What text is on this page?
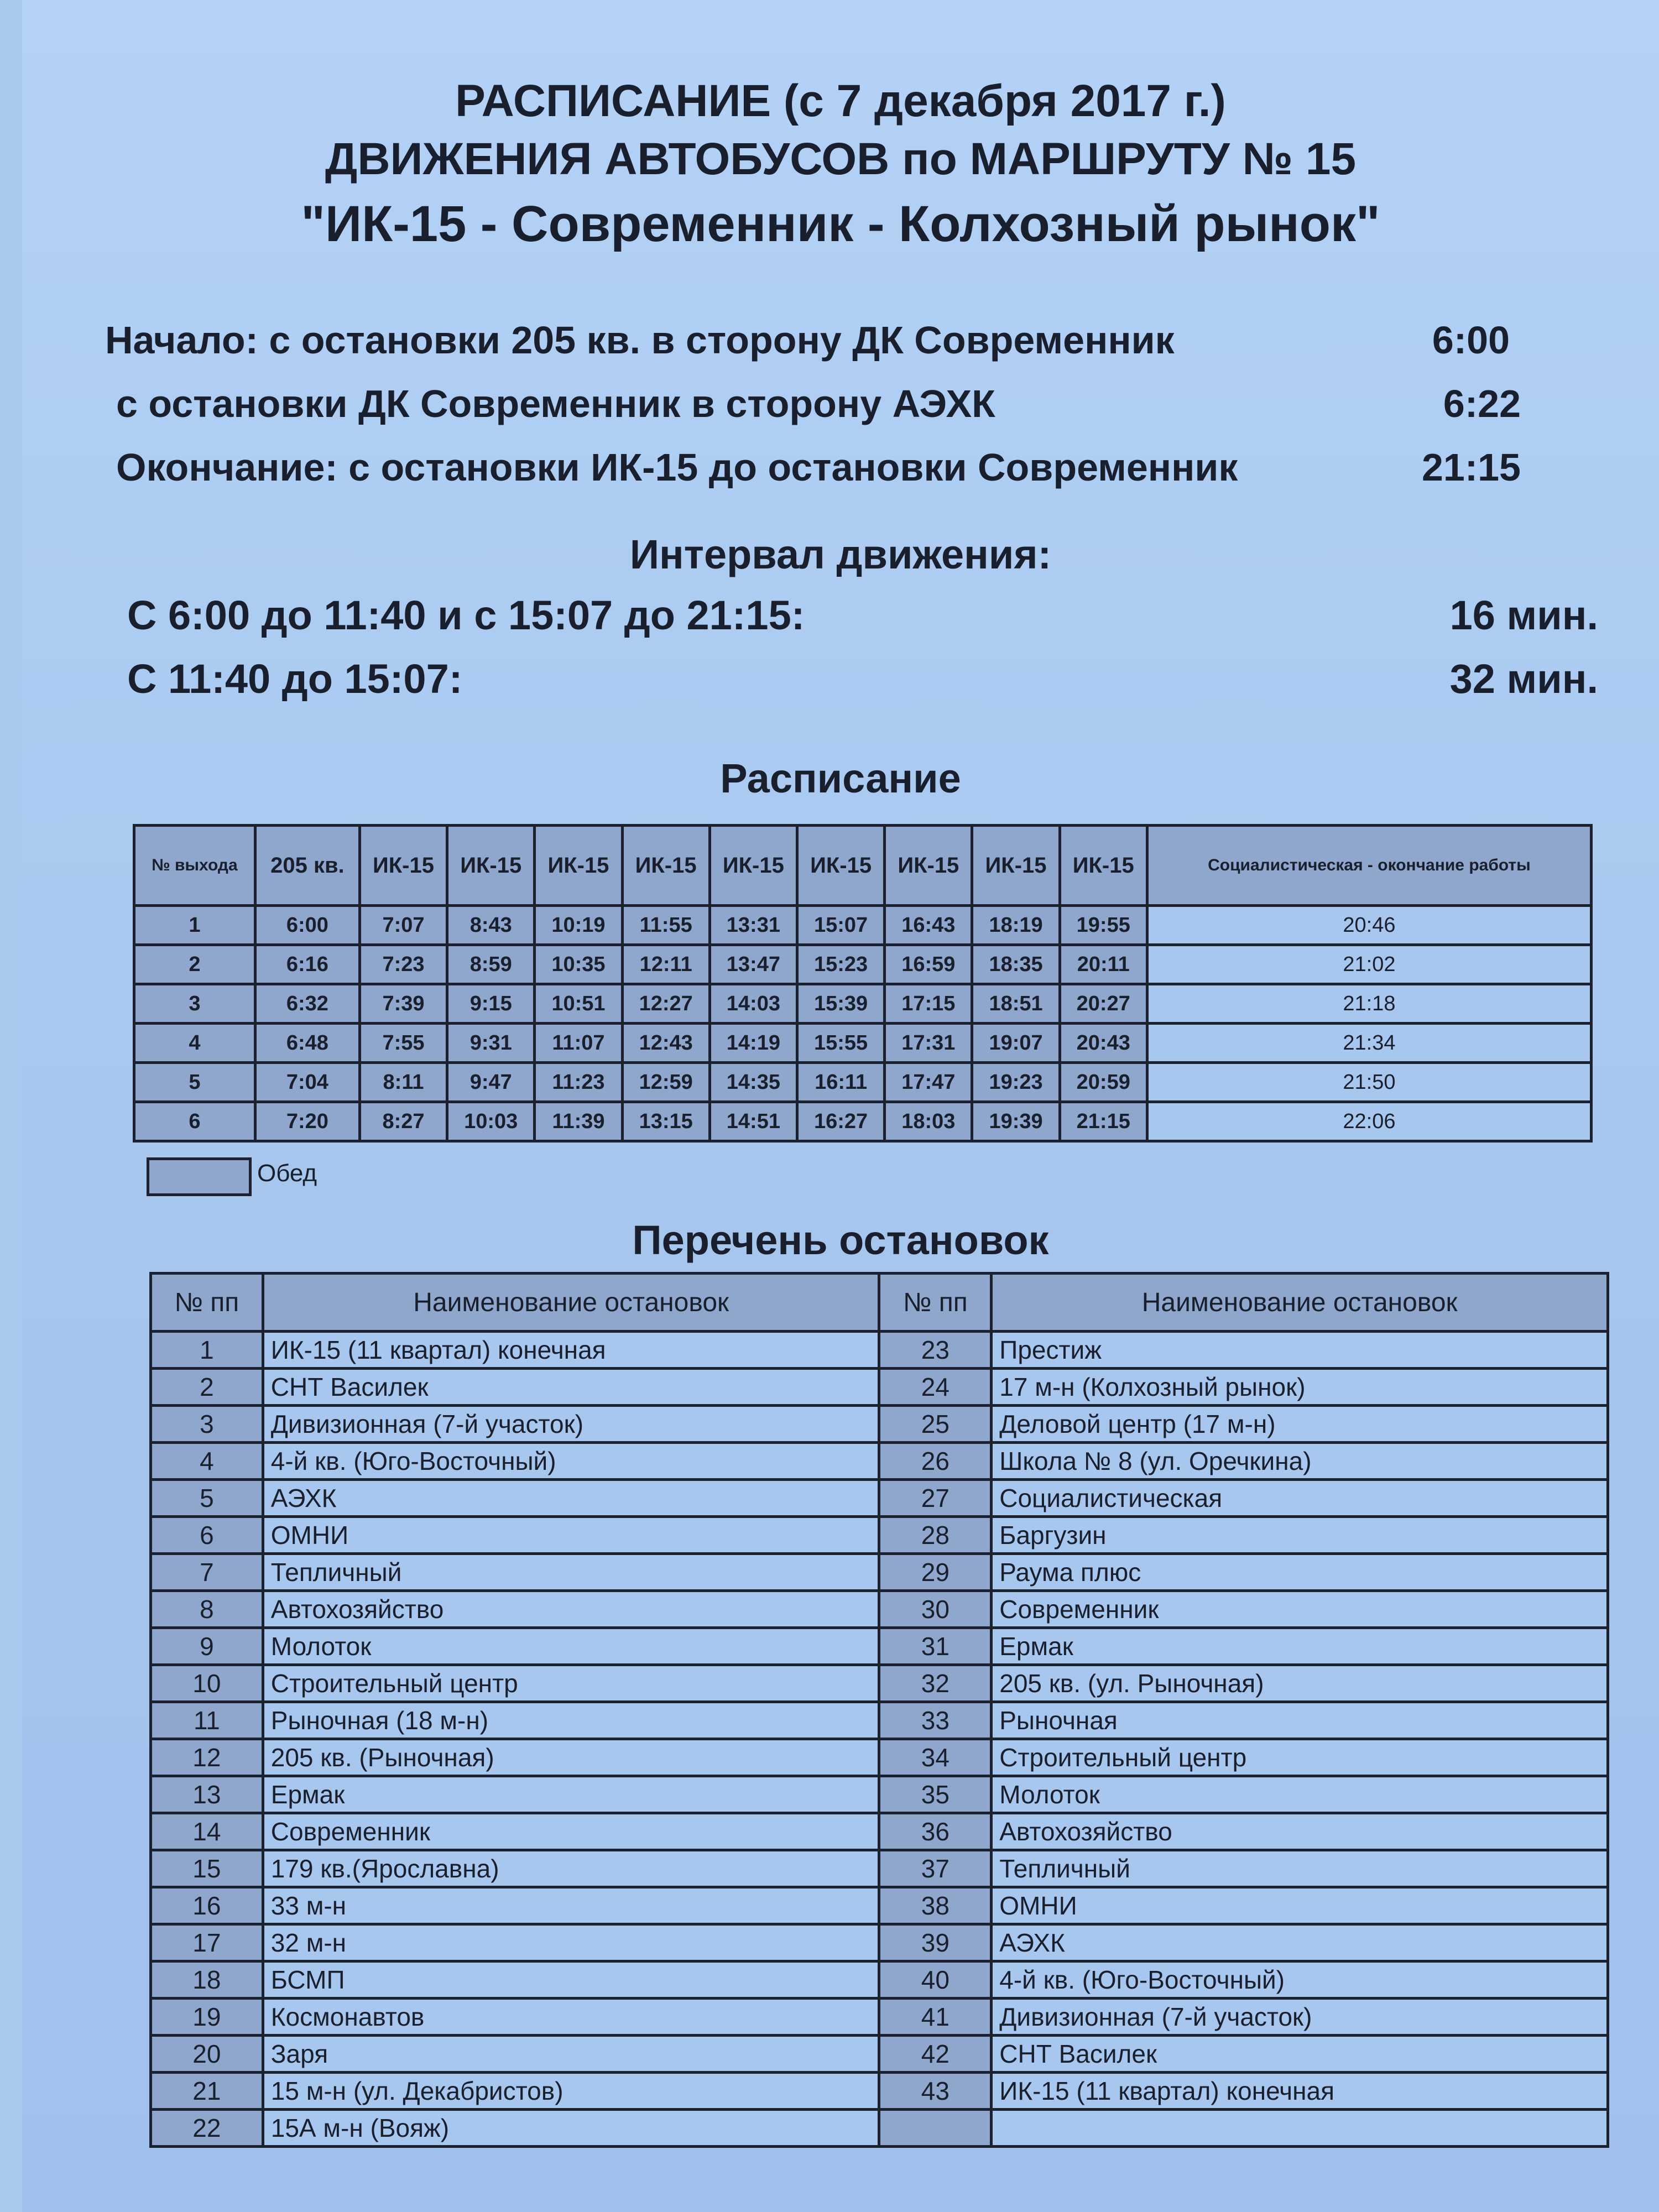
РАСПИСАНИЕ (с 7 декабря 2017 г.)
ДВИЖЕНИЯ АВТОБУСОВ по МАРШРУТУ № 15
"ИК-15 - Современник - Колхозный рынок"
Начало: с остановки 205 кв. в сторону ДК Современник	6:00
с остановки ДК Современник в сторону АЭХК	6:22
Окончание: с остановки ИК-15 до остановки Современник	21:15
Интервал движения:
С 6:00 до 11:40 и с 15:07 до 21:15:	16 мин.
С 11:40 до 15:07:	32 мин.
Расписание
№ выхода	205 кв.	ИК-15	ИК-15	ИК-15	ИК-15	ИК-15	ИК-15	ИК-15	ИК-15	ИК-15	Социалистическая - окончание работы
1	6:00	7:07	8:43	10:19	11:55	13:31	15:07	16:43	18:19	19:55	20:46
2	6:16	7:23	8:59	10:35	12:11	13:47	15:23	16:59	18:35	20:11	21:02
3	6:32	7:39	9:15	10:51	12:27	14:03	15:39	17:15	18:51	20:27	21:18
4	6:48	7:55	9:31	11:07	12:43	14:19	15:55	17:31	19:07	20:43	21:34
5	7:04	8:11	9:47	11:23	12:59	14:35	16:11	17:47	19:23	20:59	21:50
6	7:20	8:27	10:03	11:39	13:15	14:51	16:27	18:03	19:39	21:15	22:06
Обед
Перечень остановок
№ пп	Наименование остановок	№ пп	Наименование остановок
1	ИК-15 (11 квартал) конечная	23	Престиж
2	СНТ Василек	24	17 м-н (Колхозный рынок)
3	Дивизионная (7-й участок)	25	Деловой центр (17 м-н)
4	4-й кв. (Юго-Восточный)	26	Школа № 8 (ул. Оречкина)
5	АЭХК	27	Социалистическая
6	ОМНИ	28	Баргузин
7	Тепличный	29	Раума плюс
8	Автохозяйство	30	Современник
9	Молоток	31	Ермак
10	Строительный центр	32	205 кв. (ул. Рыночная)
11	Рыночная (18 м-н)	33	Рыночная
12	205 кв. (Рыночная)	34	Строительный центр
13	Ермак	35	Молоток
14	Современник	36	Автохозяйство
15	179 кв.(Ярославна)	37	Тепличный
16	33 м-н	38	ОМНИ
17	32 м-н	39	АЭХК
18	БСМП	40	4-й кв. (Юго-Восточный)
19	Космонавтов	41	Дивизионная (7-й участок)
20	Заря	42	СНТ Василек
21	15 м-н (ул. Декабристов)	43	ИК-15 (11 квартал) конечная
22	15А м-н (Вояж)		
